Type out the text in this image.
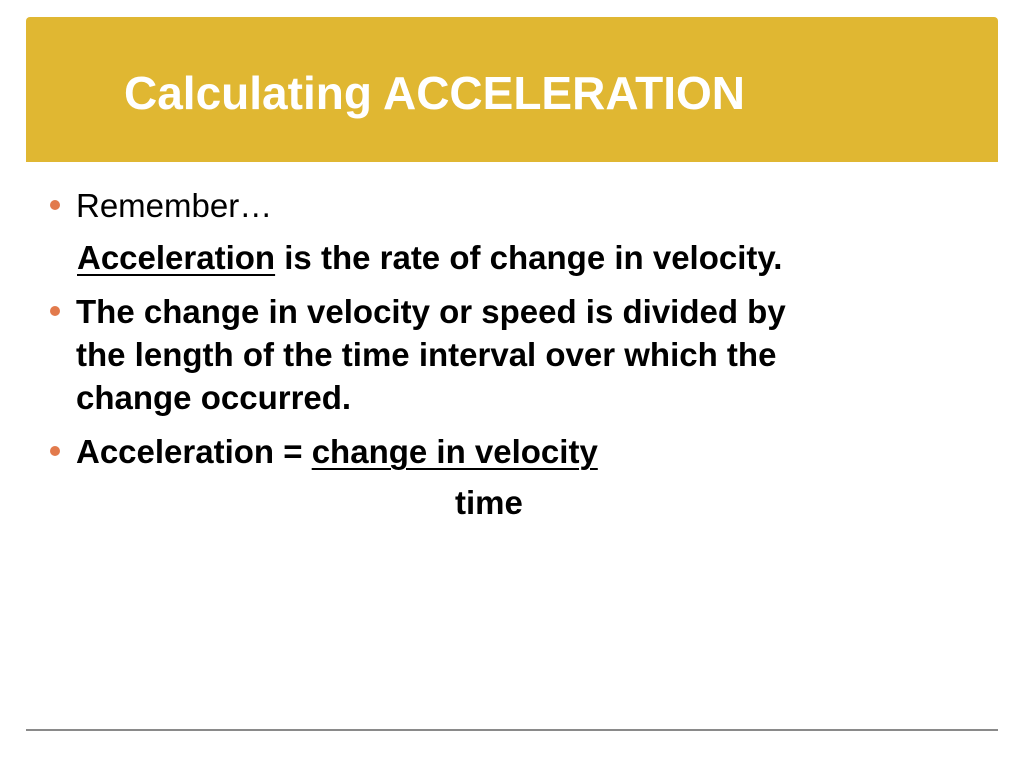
Calculating ACCELERATION
Remember…
Acceleration is the rate of change in velocity.
The change in velocity or speed is divided by
the length of the time interval over which the
change occurred.
Acceleration = change in velocity
time
